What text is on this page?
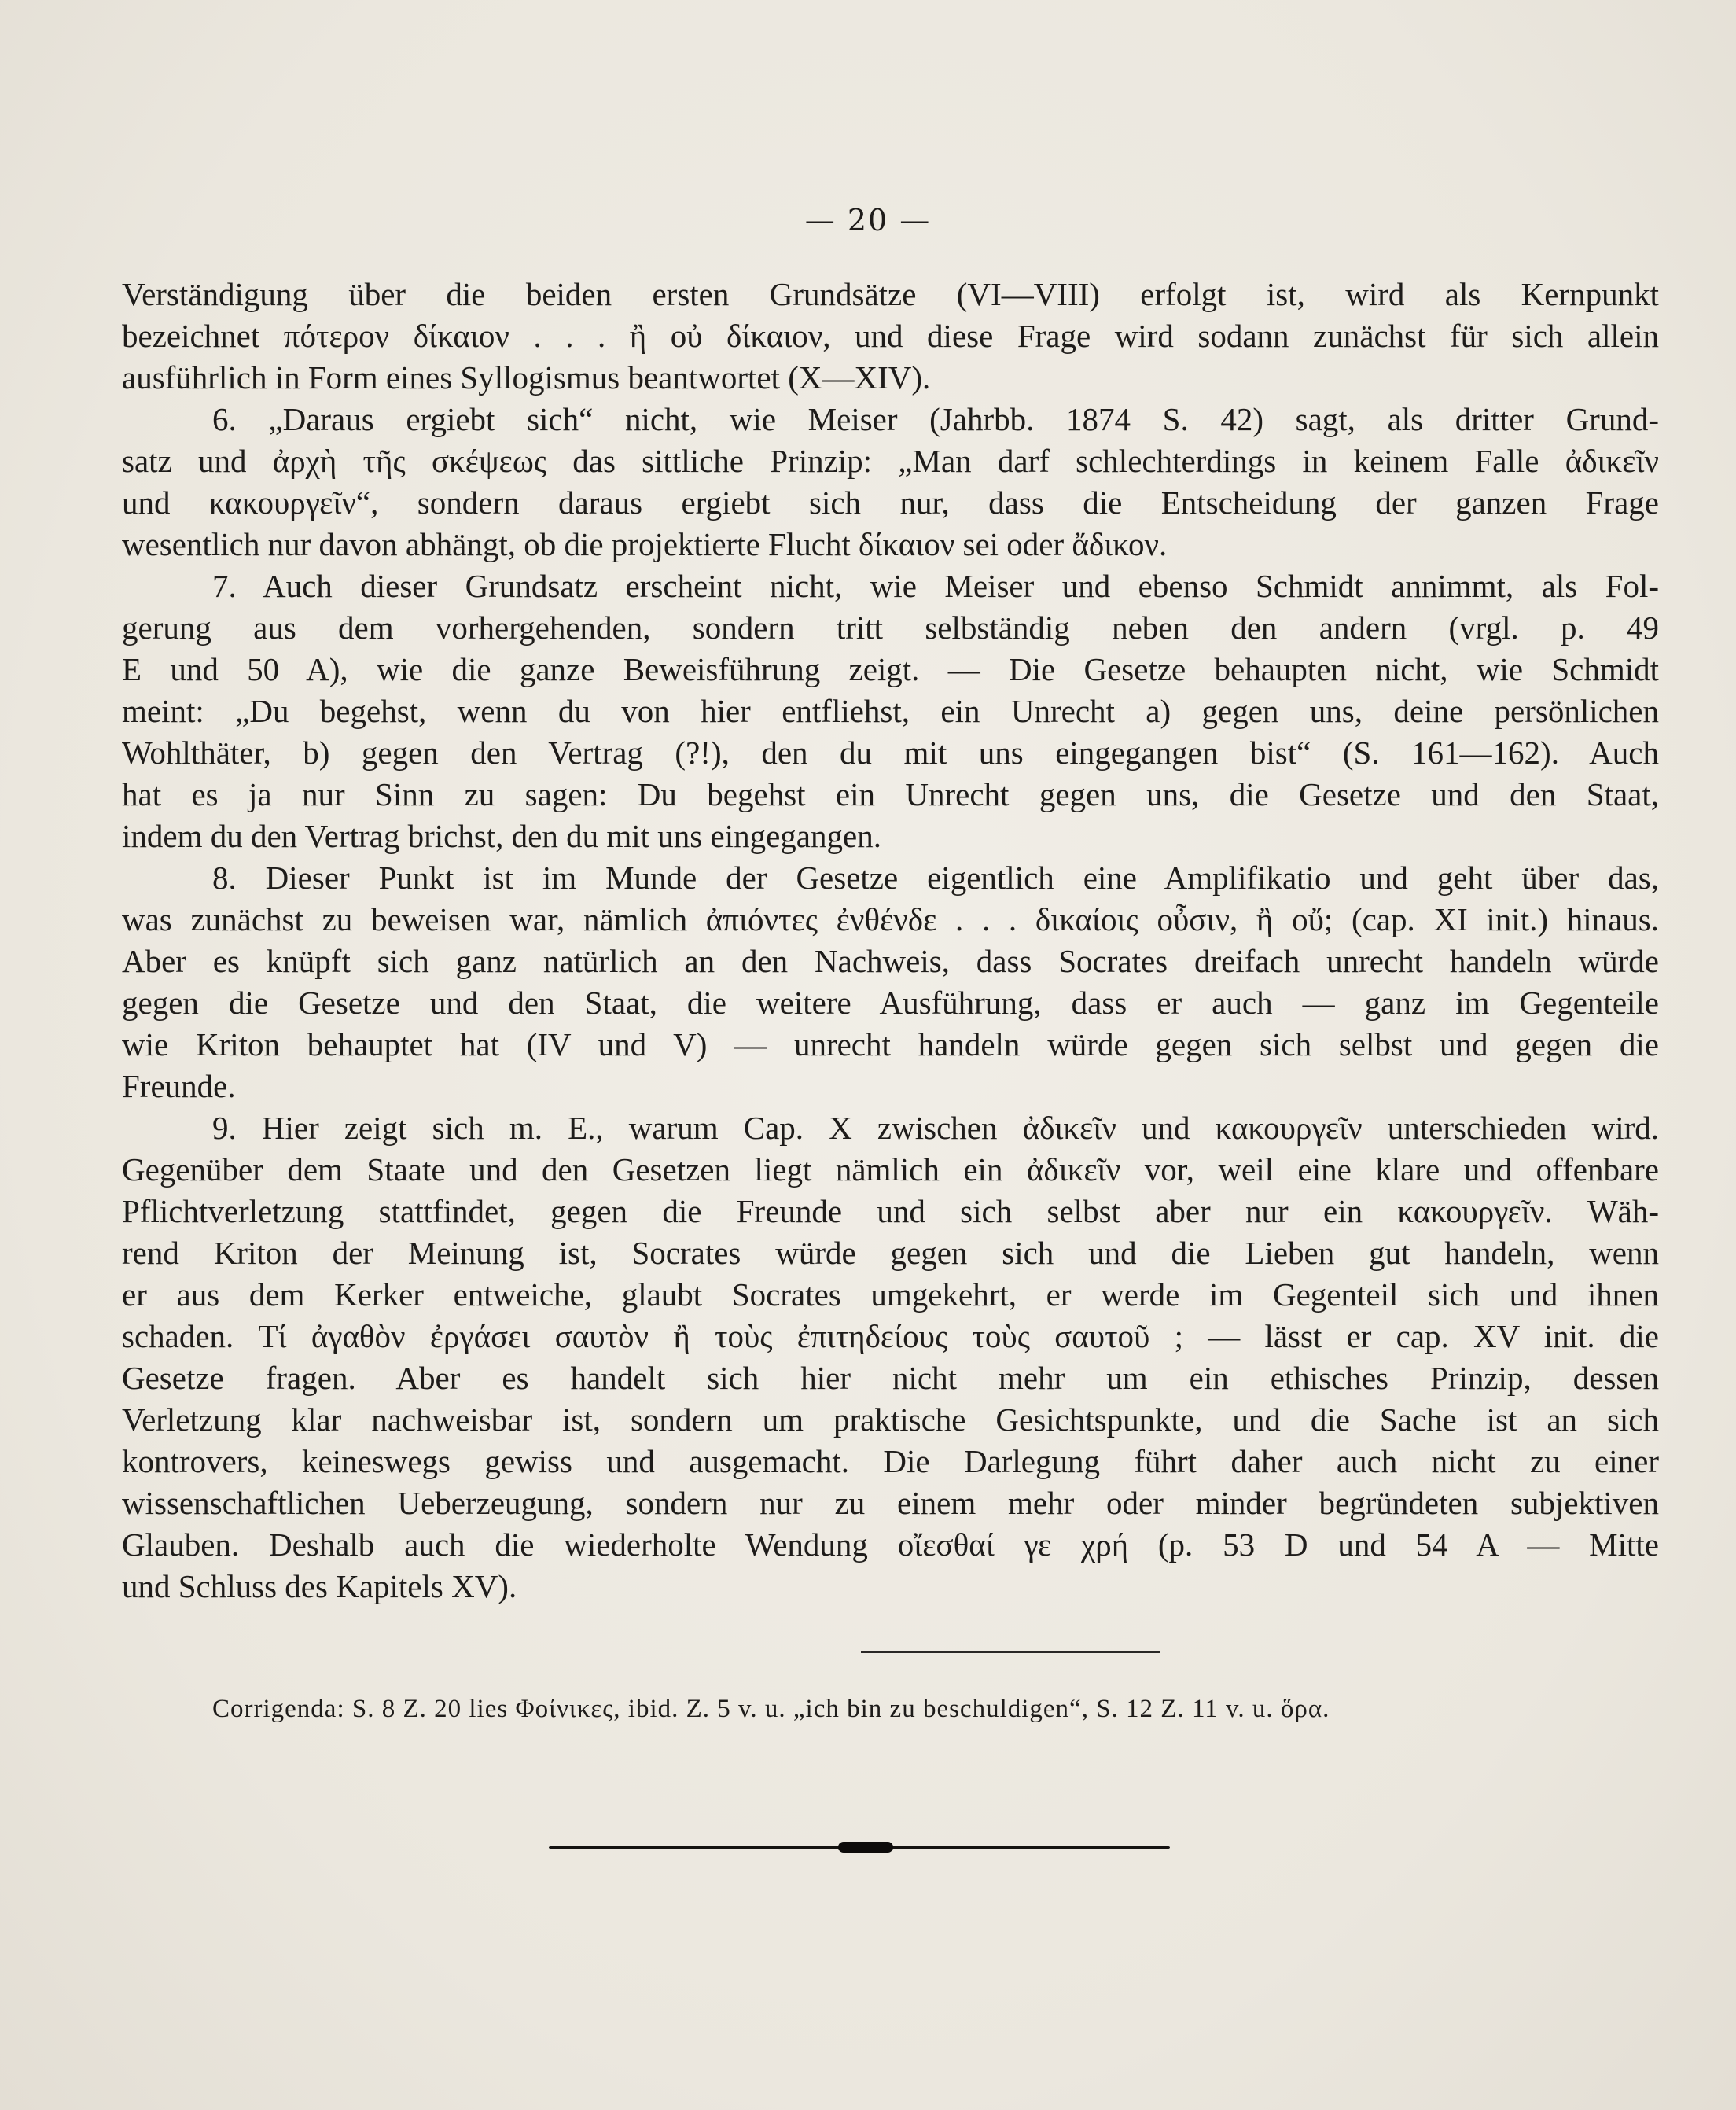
— 20 —
Verständigung über die beiden ersten Grundsätze (VI—VIII) erfolgt ist, wird als Kernpunkt
bezeichnet πότερον δίκαιον . . . ἢ οὐ δίκαιον, und diese Frage wird sodann zunächst für sich allein
ausführlich in Form eines Syllogismus beantwortet (X—XIV).
6. „Daraus ergiebt sich“ nicht, wie Meiser (Jahrbb. 1874 S. 42) sagt, als dritter Grund-
satz und ἀρχὴ τῆς σκέψεως das sittliche Prinzip: „Man darf schlechterdings in keinem Falle ἀδικεῖν
und κακουργεῖν“, sondern daraus ergiebt sich nur, dass die Entscheidung der ganzen Frage
wesentlich nur davon abhängt, ob die projektierte Flucht δίκαιον sei oder ἄδικον.
7. Auch dieser Grundsatz erscheint nicht, wie Meiser und ebenso Schmidt annimmt, als Fol-
gerung aus dem vorhergehenden, sondern tritt selbständig neben den andern (vrgl. p. 49
E und 50 A), wie die ganze Beweisführung zeigt. — Die Gesetze behaupten nicht, wie Schmidt
meint: „Du begehst, wenn du von hier entfliehst, ein Unrecht a) gegen uns, deine persönlichen
Wohlthäter, b) gegen den Vertrag (?!), den du mit uns eingegangen bist“ (S. 161—162). Auch
hat es ja nur Sinn zu sagen: Du begehst ein Unrecht gegen uns, die Gesetze und den Staat,
indem du den Vertrag brichst, den du mit uns eingegangen.
8. Dieser Punkt ist im Munde der Gesetze eigentlich eine Amplifikatio und geht über das,
was zunächst zu beweisen war, nämlich ἀπιόντες ἐνθένδε . . . δικαίοις οὖσιν, ἢ οὔ; (cap. XI init.) hinaus.
Aber es knüpft sich ganz natürlich an den Nachweis, dass Socrates dreifach unrecht handeln würde
gegen die Gesetze und den Staat, die weitere Ausführung, dass er auch — ganz im Gegenteile
wie Kriton behauptet hat (IV und V) — unrecht handeln würde gegen sich selbst und gegen die
Freunde.
9. Hier zeigt sich m. E., warum Cap. X zwischen ἀδικεῖν und κακουργεῖν unterschieden wird.
Gegenüber dem Staate und den Gesetzen liegt nämlich ein ἀδικεῖν vor, weil eine klare und offenbare
Pflichtverletzung stattfindet, gegen die Freunde und sich selbst aber nur ein κακουργεῖν. Wäh-
rend Kriton der Meinung ist, Socrates würde gegen sich und die Lieben gut handeln, wenn
er aus dem Kerker entweiche, glaubt Socrates umgekehrt, er werde im Gegenteil sich und ihnen
schaden. Τί ἀγαθὸν ἐργάσει σαυτὸν ἢ τοὺς ἐπιτηδείους τοὺς σαυτοῦ ; — lässt er cap. XV init. die
Gesetze fragen. Aber es handelt sich hier nicht mehr um ein ethisches Prinzip, dessen
Verletzung klar nachweisbar ist, sondern um praktische Gesichtspunkte, und die Sache ist an sich
kontrovers, keineswegs gewiss und ausgemacht. Die Darlegung führt daher auch nicht zu einer
wissenschaftlichen Ueberzeugung, sondern nur zu einem mehr oder minder begründeten subjektiven
Glauben. Deshalb auch die wiederholte Wendung οἴεσθαί γε χρή (p. 53 D und 54 A — Mitte
und Schluss des Kapitels XV).
Corrigenda: S. 8 Z. 20 lies Φοίνικες, ibid. Z. 5 v. u. „ich bin zu beschuldigen“, S. 12 Z. 11 v. u. ὅρα.
